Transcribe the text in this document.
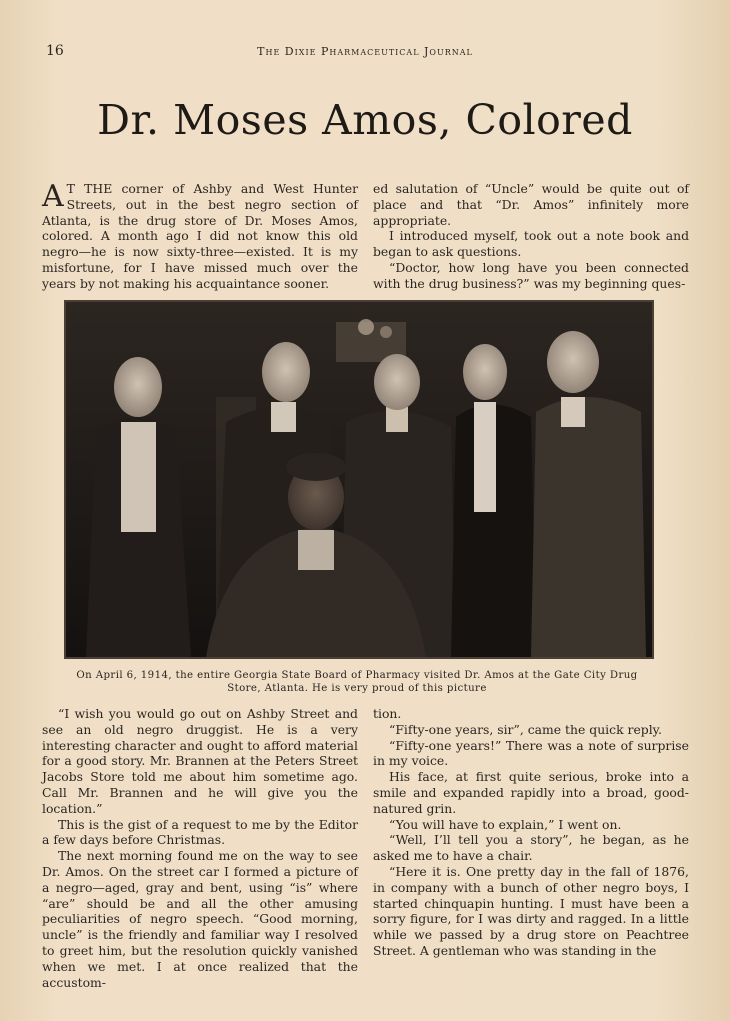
16	The Dixie Pharmaceutical Journal
Dr. Moses Amos, Colored

A T THE corner of Ashby and West Hunter Streets, out in the best negro section of Atlanta, is the drug store of Dr. Moses Amos, colored. A month ago I did not know this old negro—he is now sixty-three—existed. It is my misfortune, for I have missed much over the years by not making his acquaintance sooner.

ed salutation of “Uncle” would be quite out of place and that “Dr. Amos” infinitely more appropriate.

I introduced myself, took out a note book and began to ask questions.

“Doctor, how long have you been connected with the drug business?” was my beginning ques-

On April 6, 1914, the entire Georgia State Board of Pharmacy visited Dr. Amos at the Gate City Drug Store, Atlanta. He is very proud of this picture

“I wish you would go out on Ashby Street and see an old negro druggist. He is a very interesting character and ought to afford material for a good story. Mr. Brannen at the Peters Street Jacobs Store told me about him sometime ago. Call Mr. Brannen and he will give you the location.”

This is the gist of a request to me by the Editor a few days before Christmas.

The next morning found me on the way to see Dr. Amos. On the street car I formed a picture of a negro—aged, gray and bent, using “is” where “are” should be and all the other amusing peculiarities of negro speech. “Good morning, uncle” is the friendly and familiar way I resolved to greet him, but the resolution quickly vanished when we met. I at once realized that the accustom-

tion.

“Fifty-one years, sir”, came the quick reply.

“Fifty-one years!” There was a note of surprise in my voice.

His face, at first quite serious, broke into a smile and expanded rapidly into a broad, good-natured grin.

“You will have to explain,” I went on.

“Well, I’ll tell you a story”, he began, as he asked me to have a chair.

“Here it is. One pretty day in the fall of 1876, in company with a bunch of other negro boys, I started chinquapin hunting. I must have been a sorry figure, for I was dirty and ragged. In a little while we passed by a drug store on Peachtree Street. A gentleman who was standing in the
